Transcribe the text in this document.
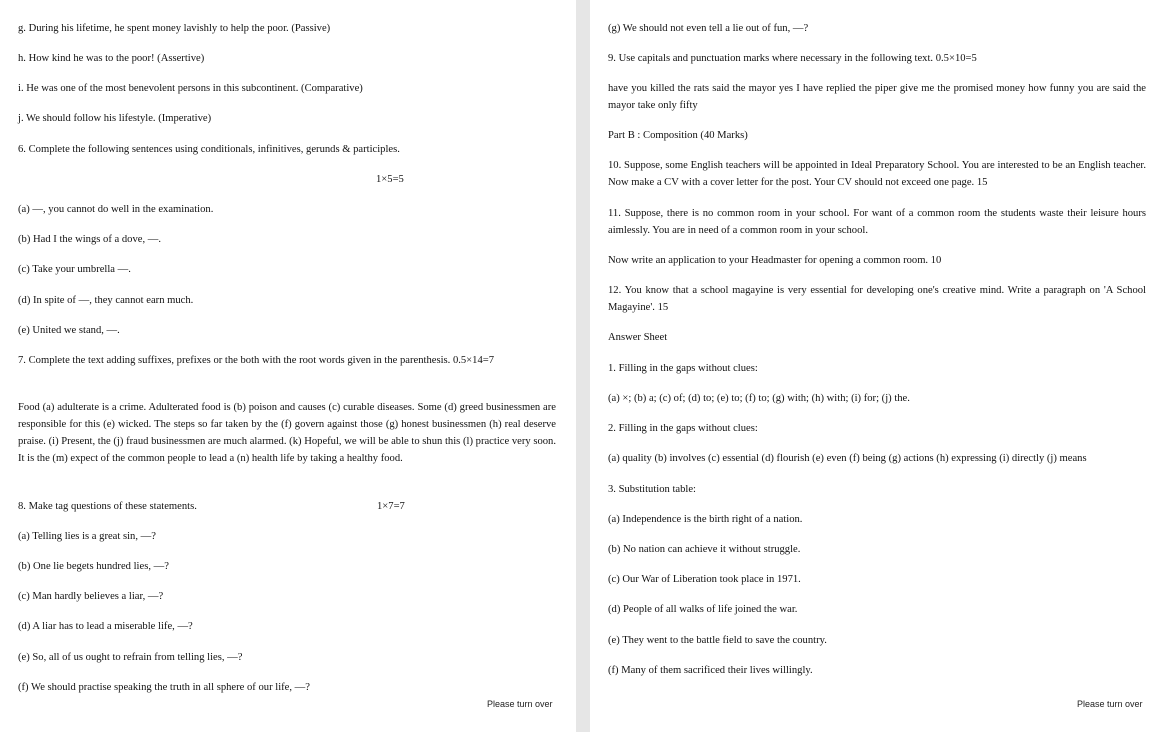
g. During his lifetime, he spent money lavishly to help the poor. (Passive)

h. How kind he was to the poor! (Assertive)

i. He was one of the most benevolent persons in this subcontinent. (Comparative)

j. We should follow his lifestyle. (Imperative)

6. Complete the following sentences using conditionals, infinitives, gerunds & participles.

1×5=5

(a) —, you cannot do well in the examination.

(b) Had I the wings of a dove, —.

(c) Take your umbrella —.

(d) In spite of —, they cannot earn much.

(e) United we stand, —.

7. Complete the text adding suffixes, prefixes or the both with the root words given in the parenthesis. 0.5×14=7

Food (a) adulterate is a crime. Adulterated food is (b) poison and causes (c) curable diseases. Some (d) greed businessmen are responsible for this (e) wicked. The steps so far taken by the (f) govern against those (g) honest businessmen (h) real deserve praise. (i) Present, the (j) fraud businessmen are much alarmed. (k) Hopeful, we will be able to shun this (l) practice very soon. It is the (m) expect of the common people to lead a (n) health life by taking a healthy food.

8. Make tag questions of these statements.	1×7=7

(a) Telling lies is a great sin, —?

(b) One lie begets hundred lies, —?

(c) Man hardly believes a liar, —?

(d) A liar has to lead a miserable life, —?

(e) So, all of us ought to refrain from telling lies, —?

(f) We should practise speaking the truth in all sphere of our life, —?

Please turn over

(g) We should not even tell a lie out of fun, —?

9. Use capitals and punctuation marks where necessary in the following text. 0.5×10=5

have you killed the rats said the mayor yes I have replied the piper give me the promised money how funny you are said the mayor take only fifty

Part B : Composition (40 Marks)

10. Suppose, some English teachers will be appointed in Ideal Preparatory School. You are interested to be an English teacher. Now make a CV with a cover letter for the post. Your CV should not exceed one page. 15

11. Suppose, there is no common room in your school. For want of a common room the students waste their leisure hours aimlessly. You are in need of a common room in your school.

Now write an application to your Headmaster for opening a common room. 10

12. You know that a school magayine is very essential for developing one's creative mind. Write a paragraph on 'A School Magayine'. 15

Answer Sheet

1. Filling in the gaps without clues:

(a) ×; (b) a; (c) of; (d) to; (e) to; (f) to; (g) with; (h) with; (i) for; (j) the.

2. Filling in the gaps without clues:

(a) quality (b) involves (c) essential (d) flourish (e) even (f) being (g) actions (h) expressing (i) directly (j) means

3. Substitution table:

(a) Independence is the birth right of a nation.

(b) No nation can achieve it without struggle.

(c) Our War of Liberation took place in 1971.

(d) People of all walks of life joined the war.

(e) They went to the battle field to save the country.

(f) Many of them sacrificed their lives willingly.

Please turn over
